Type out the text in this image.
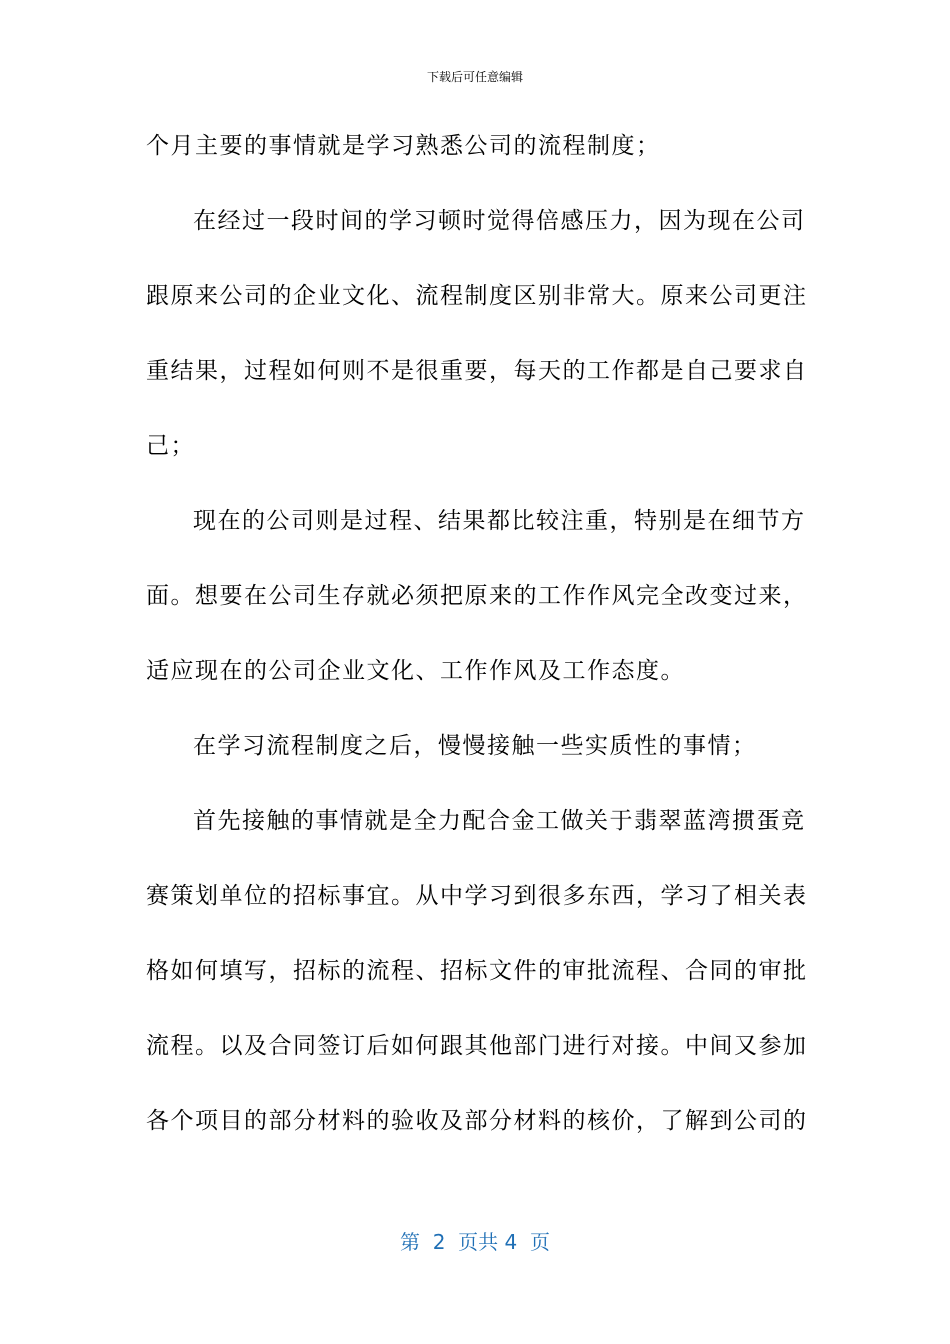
下载后可任意编辑
个月主要的事情就是学习熟悉公司的流程制度；
在经过一段时间的学习顿时觉得倍感压力，因为现在公司
跟原来公司的企业文化、流程制度区别非常大。原来公司更注
重结果，过程如何则不是很重要，每天的工作都是自己要求自
己；
现在的公司则是过程、结果都比较注重，特别是在细节方
面。想要在公司生存就必须把原来的工作作风完全改变过来，
适应现在的公司企业文化、工作作风及工作态度。
在学习流程制度之后，慢慢接触一些实质性的事情；
首先接触的事情就是全力配合金工做关于翡翠蓝湾掼蛋竞
赛策划单位的招标事宜。从中学习到很多东西，学习了相关表
格如何填写，招标的流程、招标文件的审批流程、合同的审批
流程。以及合同签订后如何跟其他部门进行对接。中间又参加
各个项目的部分材料的验收及部分材料的核价，了解到公司的
第  2  页共 4  页
